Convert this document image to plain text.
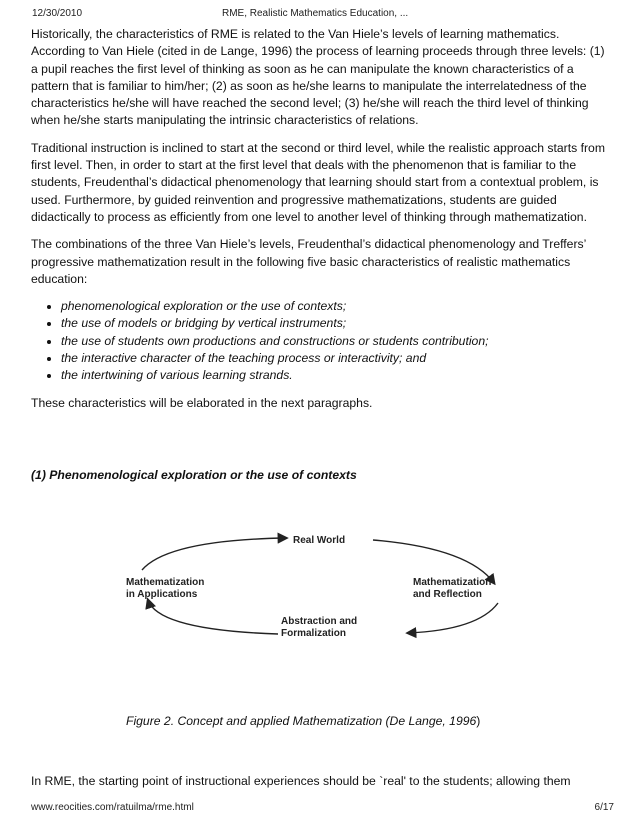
12/30/2010	RME, Realistic Mathematics Education, ...

Historically, the characteristics of RME is related to the Van Hiele’s levels of learning mathematics. According to Van Hiele (cited in de Lange, 1996) the process of learning proceeds through three levels: (1) a pupil reaches the first level of thinking as soon as he can manipulate the known characteristics of a pattern that is familiar to him/her; (2) as soon as he/she learns to manipulate the interrelatedness of the characteristics he/she will have reached the second level; (3) he/she will reach the third level of thinking when he/she starts manipulating the intrinsic characteristics of relations.

Traditional instruction is inclined to start at the second or third level, while the realistic approach starts from first level. Then, in order to start at the first level that deals with the phenomenon that is familiar to the students, Freudenthal’s didactical phenomenology that learning should start from a contextual problem, is used. Furthermore, by guided reinvention and progressive mathematizations, students are guided didactically to process as efficiently from one level to another level of thinking through mathematization.

The combinations of the three Van Hiele’s levels, Freudenthal’s didactical phenomenology and Treffers’ progressive mathematization result in the following five basic characteristics of realistic mathematics education:

• phenomenological exploration or the use of contexts;
• the use of models or bridging by vertical instruments;
• the use of students own productions and constructions or students contribution;
• the interactive character of the teaching process or interactivity; and
• the intertwining of various learning strands.

These characteristics will be elaborated in the next paragraphs.

(1) Phenomenological exploration or the use of contexts
Real World
Mathematization
and Reflection
Abstraction and
Formalization
Mathematization
in Applications
Figure 2. Concept and applied Mathematization (De Lange, 1996)
In RME, the starting point of instructional experiences should be `real' to the students; allowing them
www.reocities.com/ratuilma/rme.html	6/17
